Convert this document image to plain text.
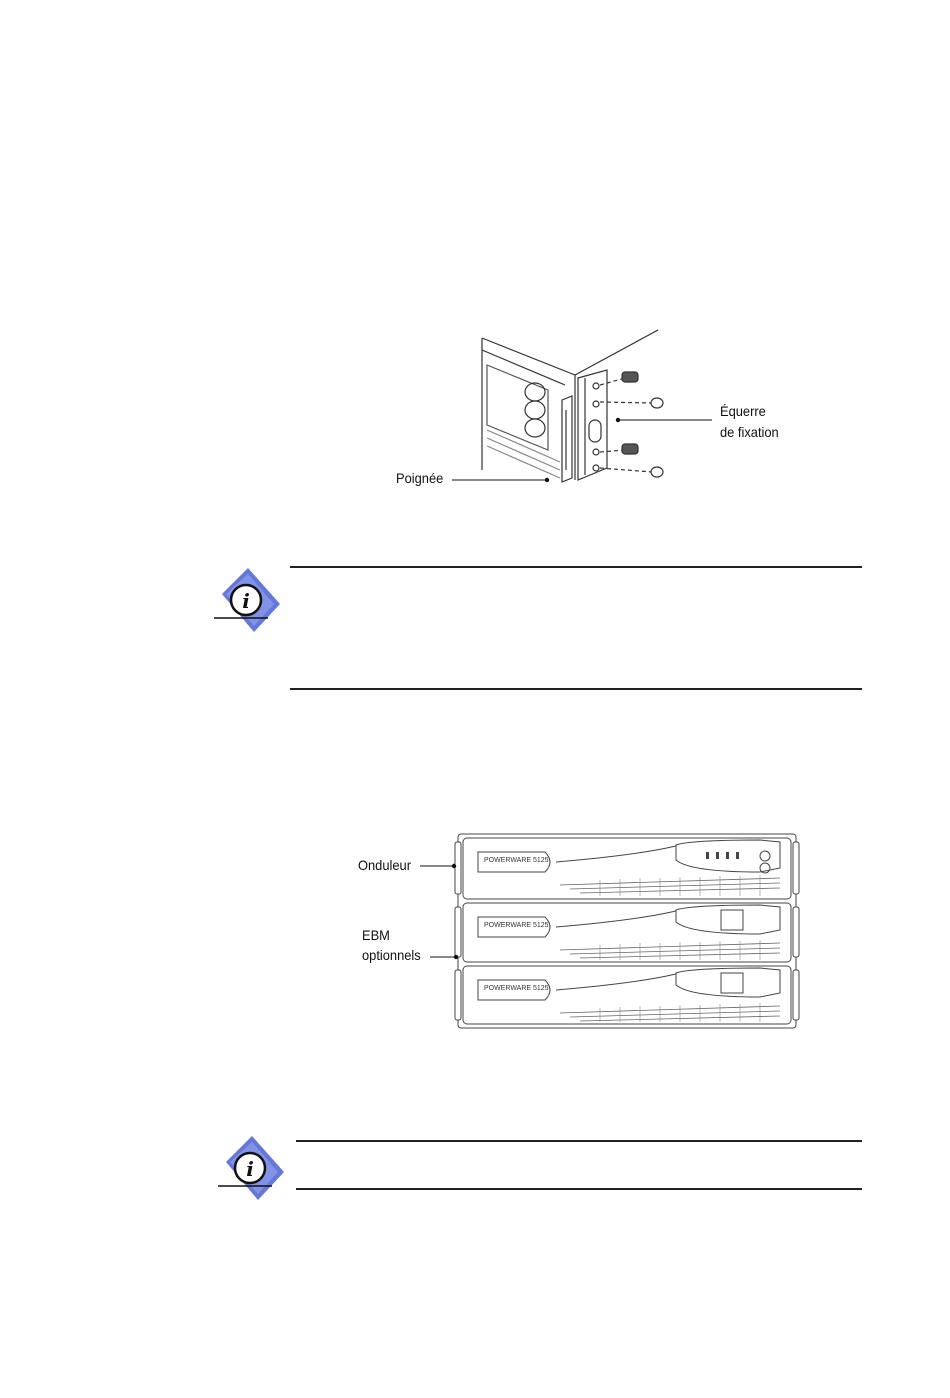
Équerre
de fixation
Poignée
i
POWERWARE 5125
POWERWARE 5125
POWERWARE 5125
Onduleur
EBM
optionnels
i
